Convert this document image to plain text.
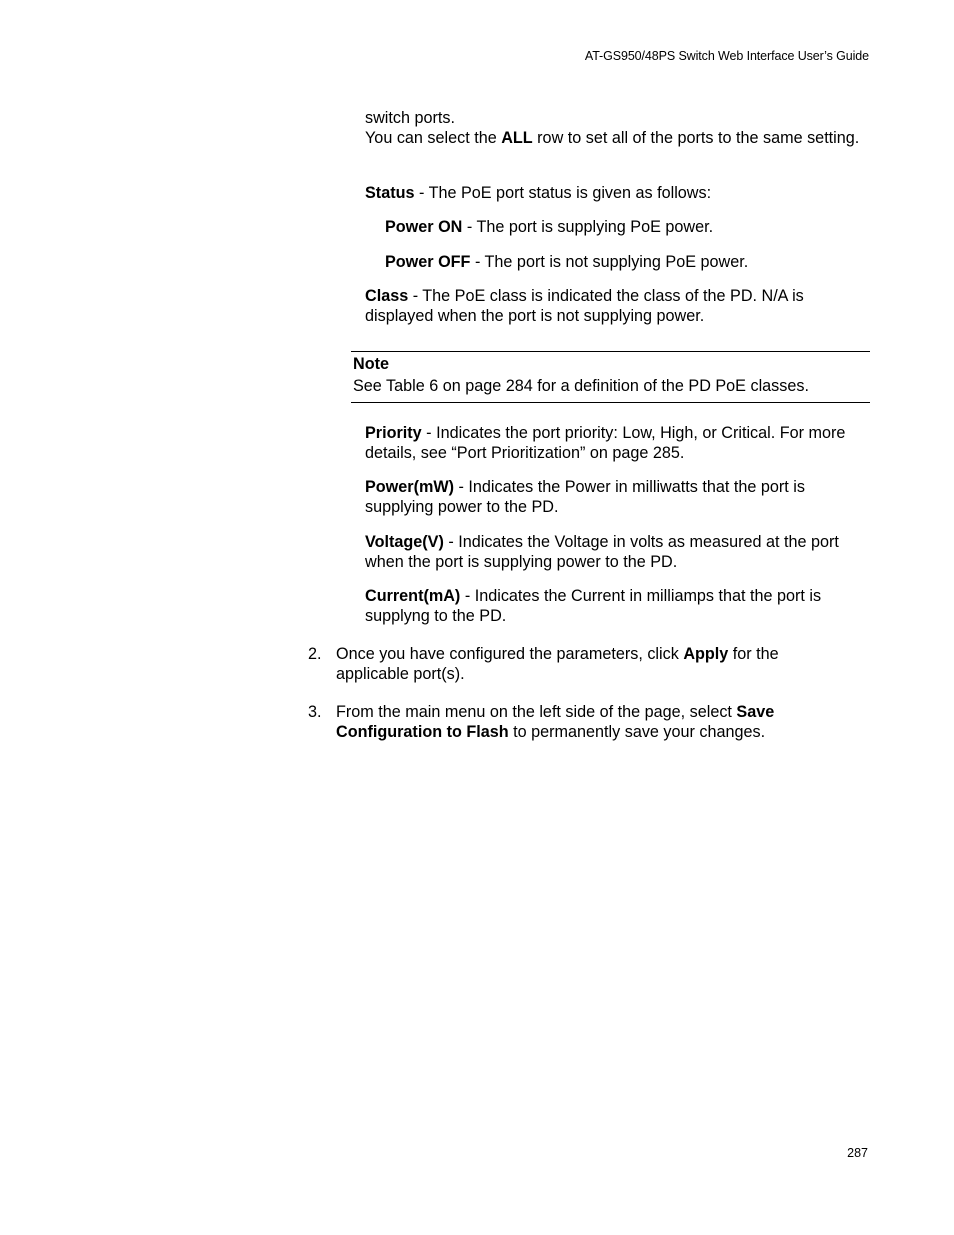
AT-GS950/48PS Switch Web Interface User’s Guide

switch ports.
You can select the ALL row to set all of the ports to the same setting.

Status - The PoE port status is given as follows:

Power ON - The port is supplying PoE power.

Power OFF - The port is not supplying PoE power.

Class - The PoE class is indicated the class of the PD. N/A is displayed when the port is not supplying power.

Note
See Table 6 on page 284 for a definition of the PD PoE classes.

Priority - Indicates the port priority: Low, High, or Critical. For more details, see “Port Prioritization” on page 285.

Power(mW) - Indicates the Power in milliwatts that the port is supplying power to the PD.

Voltage(V) - Indicates the Voltage in volts as measured at the port when the port is supplying power to the PD.

Current(mA) - Indicates the Current in milliamps that the port is supplyng to the PD.

2. Once you have configured the parameters, click Apply for the applicable port(s).
3. From the main menu on the left side of the page, select Save Configuration to Flash to permanently save your changes.
287
